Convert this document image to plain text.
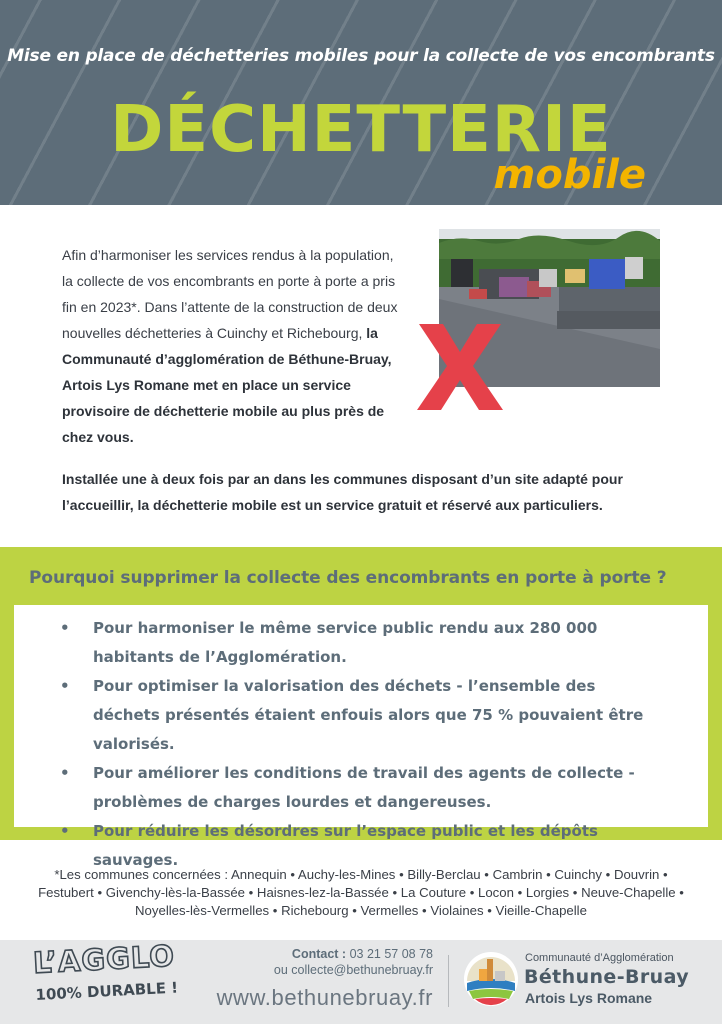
Mise en place de déchetteries mobiles pour la collecte de vos encombrants
DÉCHETTERIE
mobile
Afin d’harmoniser les services rendus à la population, la collecte de vos encombrants en porte à porte a pris fin en 2023*. Dans l’attente de la construction de deux nouvelles déchetteries à Cuinchy et Richebourg, la Communauté d’agglomération de Béthune-Bruay, Artois Lys Romane met en place un service provisoire de déchetterie mobile au plus près de chez vous.
Installée une à deux fois par an dans les communes disposant d’un site adapté pour l’accueillir, la déchetterie mobile est un service gratuit et réservé aux particuliers.
Pourquoi supprimer la collecte des encombrants en porte à porte ?
• Pour harmoniser le même service public rendu aux 280 000 habitants de l’Agglomération.
• Pour optimiser la valorisation des déchets - l’ensemble des déchets présentés étaient enfouis alors que 75 % pouvaient être valorisés.
• Pour améliorer les conditions de travail des agents de collecte - problèmes de charges lourdes et dangereuses.
• Pour réduire les désordres sur l’espace public et les dépôts sauvages.
*Les communes concernées : Annequin • Auchy-les-Mines • Billy-Berclau • Cambrin • Cuinchy • Douvrin • Festubert • Givenchy-lès-la-Bassée • Haisnes-lez-la-Bassée • La Couture • Locon • Lorgies • Neuve-Chapelle • Noyelles-lès-Vermelles • Richebourg • Vermelles • Violaines • Vieille-Chapelle
L’AGGLO
100% DURABLE !
Contact : 03 21 57 08 78
ou collecte@bethunebruay.fr
www.bethunebruay.fr
Communauté d’Agglomération
Béthune-Bruay
Artois Lys Romane
